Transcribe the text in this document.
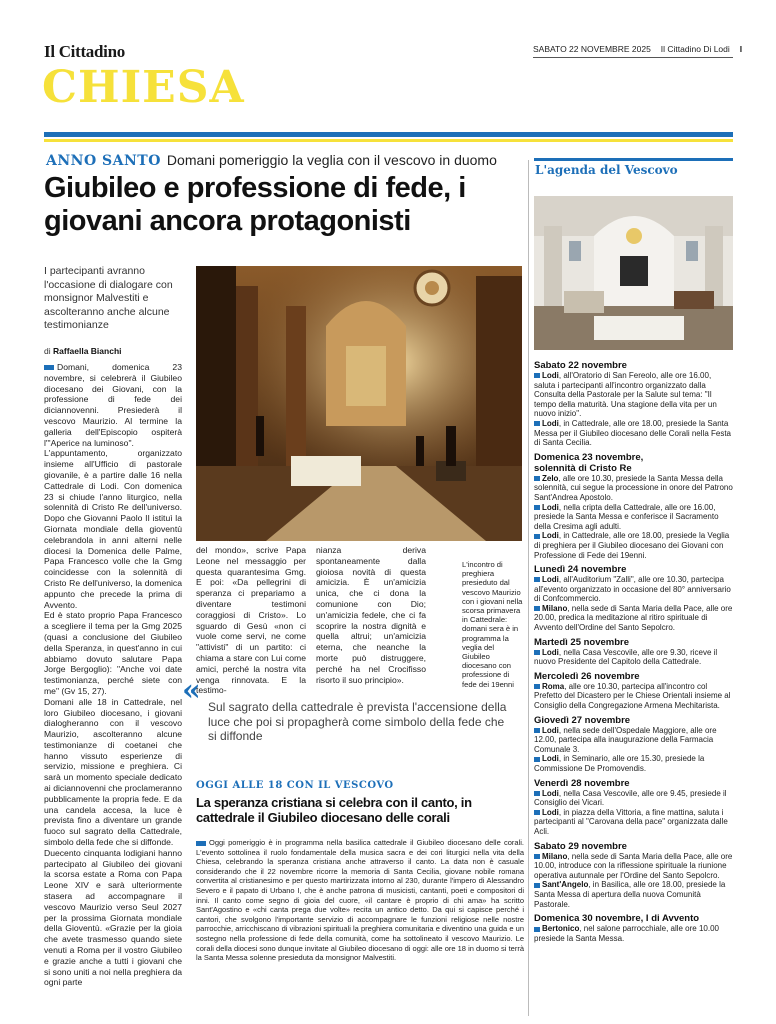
Il Cittadino	SABATO 22 NOVEMBRE 2025 Il Cittadino Di Lodi I
CHIESA
ANNO SANTO Domani pomeriggio la veglia con il vescovo in duomo
Giubileo e professione di fede, i giovani ancora protagonisti

I partecipanti avranno l'occasione di dialogare con monsignor Malvestiti e ascolteranno anche alcune testimonianze

di Raffaella Bianchi
Domani, domenica 23 novembre, si celebrerà il Giubileo diocesano dei Giovani, con la professione di fede dei diciannovenni. Presiederà il vescovo Maurizio. Al termine la galleria dell'Episcopio ospiterà l'"Aperice na luminoso".
L'appuntamento, organizzato insieme all'Ufficio di pastorale giovanile, è a partire dalle 16 nella Cattedrale di Lodi. Con domenica 23 si chiude l'anno liturgico, nella solennità di Cristo Re dell'universo. Dopo che Giovanni Paolo II istituì la Giornata mondiale della gioventù celebrandola in anni alterni nelle diocesi la Domenica delle Palme, Papa Francesco volle che la Gmg coincidesse con la solennità di Cristo Re dell'universo, la domenica appunto che precede la prima di Avvento.
Ed è stato proprio Papa Francesco a scegliere il tema per la Gmg 2025 (quasi a conclusione del Giubileo della Speranza, in quest'anno in cui abbiamo dovuto salutare Papa Jorge Bergoglio): "Anche voi date testimonianza, perché siete con me" (Gv 15, 27).
Domani alle 18 in Cattedrale, nel loro Giubileo diocesano, i giovani dialogheranno con il vescovo Maurizio, ascolteranno alcune testimonianze di coetanei che hanno vissuto esperienze di servizio, missione e preghiera. Ci sarà un momento speciale dedicato ai diciannovenni che proclameranno pubblicamente la propria fede. E da una candela accesa, la luce è prevista fino a diventare un grande fuoco sul sagrato della Cattedrale, simbolo della fede che si diffonde.
Duecento cinquanta lodigiani hanno partecipato al Giubileo dei giovani la scorsa estate a Roma con Papa Leone XIV e sarà ulteriormente stasera ad accompagnare il vescovo Maurizio verso Seul 2027 per la prossima Giornata mondiale della Gioventù. «Grazie per la gioia che avete trasmesso quando siete venuti a Roma per il vostro Giubileo e grazie anche a tutti i giovani che si sono uniti a noi nella preghiera da ogni parte

L'incontro di preghiera presieduto dal vescovo Maurizio con i giovani nella scorsa primavera in Cattedrale: domani sera è in programma la veglia del Giubileo diocesano con professione di fede dei 19enni

del mondo», scrive Papa Leone nel messaggio per questa quarantesima Gmg. E poi: «Da pellegrini di speranza ci prepariamo a diventare testimoni coraggiosi di Cristo». Lo sguardo di Gesù «non ci vuole come servi, ne come "attivisti" di un partito: ci chiama a stare con Lui come amici, perché la nostra vita venga rinnovata. E la testimo-
nianza deriva spontaneamente dalla gioiosa novità di questa amicizia. È un'amicizia unica, che ci dona la comunione con Dio; un'amicizia fedele, che ci fa scoprire la nostra dignità e quella altrui; un'amicizia eterna, che neanche la morte può distruggere, perché ha nel Crocifisso risorto il suo principio».
« Sul sagrato della cattedrale è prevista l'accensione della luce che poi si propagherà come simbolo della fede che si diffonde

OGGI ALLE 18 CON IL VESCOVO
La speranza cristiana si celebra con il canto, in cattedrale il Giubileo diocesano delle corali
Oggi pomeriggio è in programma nella basilica cattedrale il Giubileo diocesano delle corali. L'evento sottolinea il ruolo fondamentale della musica sacra e dei cori liturgici nella vita della Chiesa, celebrando la speranza cristiana anche attraverso il canto. La data non è casuale considerando che il 22 novembre ricorre la memoria di Santa Cecilia, giovane nobile romana convertita al cristianesimo e per questo martirizzata intorno al 230, durante l'impero di Alessandro Severo e il papato di Urbano I, che è anche patrona di musicisti, cantanti, poeti e compositori di inni. Il canto come segno di gioia del cuore, «il cantare è proprio di chi ama» ha scritto Sant'Agostino e «chi canta prega due volte» recita un antico detto. Da qui si capisce perché i cantori, che svolgono l'importante servizio di accompagnare le funzioni religiose nelle nostre parrocchie, arricchiscano di vibrazioni spirituali la preghiera comunitaria e diventino una guida e un sostegno nella professione di fede della comunità, come ha sottolineato il vescovo Maurizio. Le corali della diocesi sono dunque invitate al Giubileo diocesano di oggi: alle ore 18 in duomo si terrà la Santa Messa solenne presieduta da monsignor Malvestiti.
L'agenda del Vescovo
Sabato 22 novembre
Lodi, all'Oratorio di San Fereolo, alle ore 16.00, saluta i partecipanti all'incontro organizzato dalla Consulta della Pastorale per la Salute sul tema: "Il tempo della maturità. Una stagione della vita per un nuovo inizio".
Lodi, in Cattedrale, alle ore 18.00, presiede la Santa Messa per il Giubileo diocesano delle Corali nella Festa di Santa Cecilia.
Domenica 23 novembre,
solennità di Cristo Re
Zelo, alle ore 10.30, presiede la Santa Messa della solennità, cui segue la processione in onore del Patrono Sant'Andrea Apostolo.
Lodi, nella cripta della Cattedrale, alle ore 16.00, presiede la Santa Messa e conferisce il Sacramento della Cresima agli adulti.
Lodi, in Cattedrale, alle ore 18.00, presiede la Veglia di preghiera per il Giubileo diocesano dei Giovani con Professione di Fede dei 19enni.
Lunedì 24 novembre
Lodi, all'Auditorium "Zalli", alle ore 10.30, partecipa all'evento organizzato in occasione del 80° anniversario di Confcommercio.
Milano, nella sede di Santa Maria della Pace, alle ore 20.00, predica la meditazione al ritiro spirituale di Avvento dell'Ordine del Santo Sepolcro.
Martedì 25 novembre
Lodi, nella Casa Vescovile, alle ore 9.30, riceve il nuovo Presidente del Capitolo della Cattedrale.
Mercoledì 26 novembre
Roma, alle ore 10.30, partecipa all'incontro col Prefetto del Dicastero per le Chiese Orientali insieme al Consiglio della Congregazione Armena Mechitarista.
Giovedì 27 novembre
Lodi, nella sede dell'Ospedale Maggiore, alle ore 12.00, partecipa alla inaugurazione della Farmacia Comunale 3.
Lodi, in Seminario, alle ore 15.30, presiede la Commissione De Promovendis.
Venerdì 28 novembre
Lodi, nella Casa Vescovile, alle ore 9.45, presiede il Consiglio dei Vicari.
Lodi, in piazza della Vittoria, a fine mattina, saluta i partecipanti al "Carovana della pace" organizzata dalle Acli.
Sabato 29 novembre
Milano, nella sede di Santa Maria della Pace, alle ore 10.00, introduce con la riflessione spirituale la riunione operativa autunnale per l'Ordine del Santo Sepolcro.
Sant'Angelo, in Basilica, alle ore 18.00, presiede la Santa Messa di apertura della nuova Comunità Pastorale.
Domenica 30 novembre, I di Avvento
Bertonico, nel salone parrocchiale, alle ore 10.00 presiede la Santa Messa.
